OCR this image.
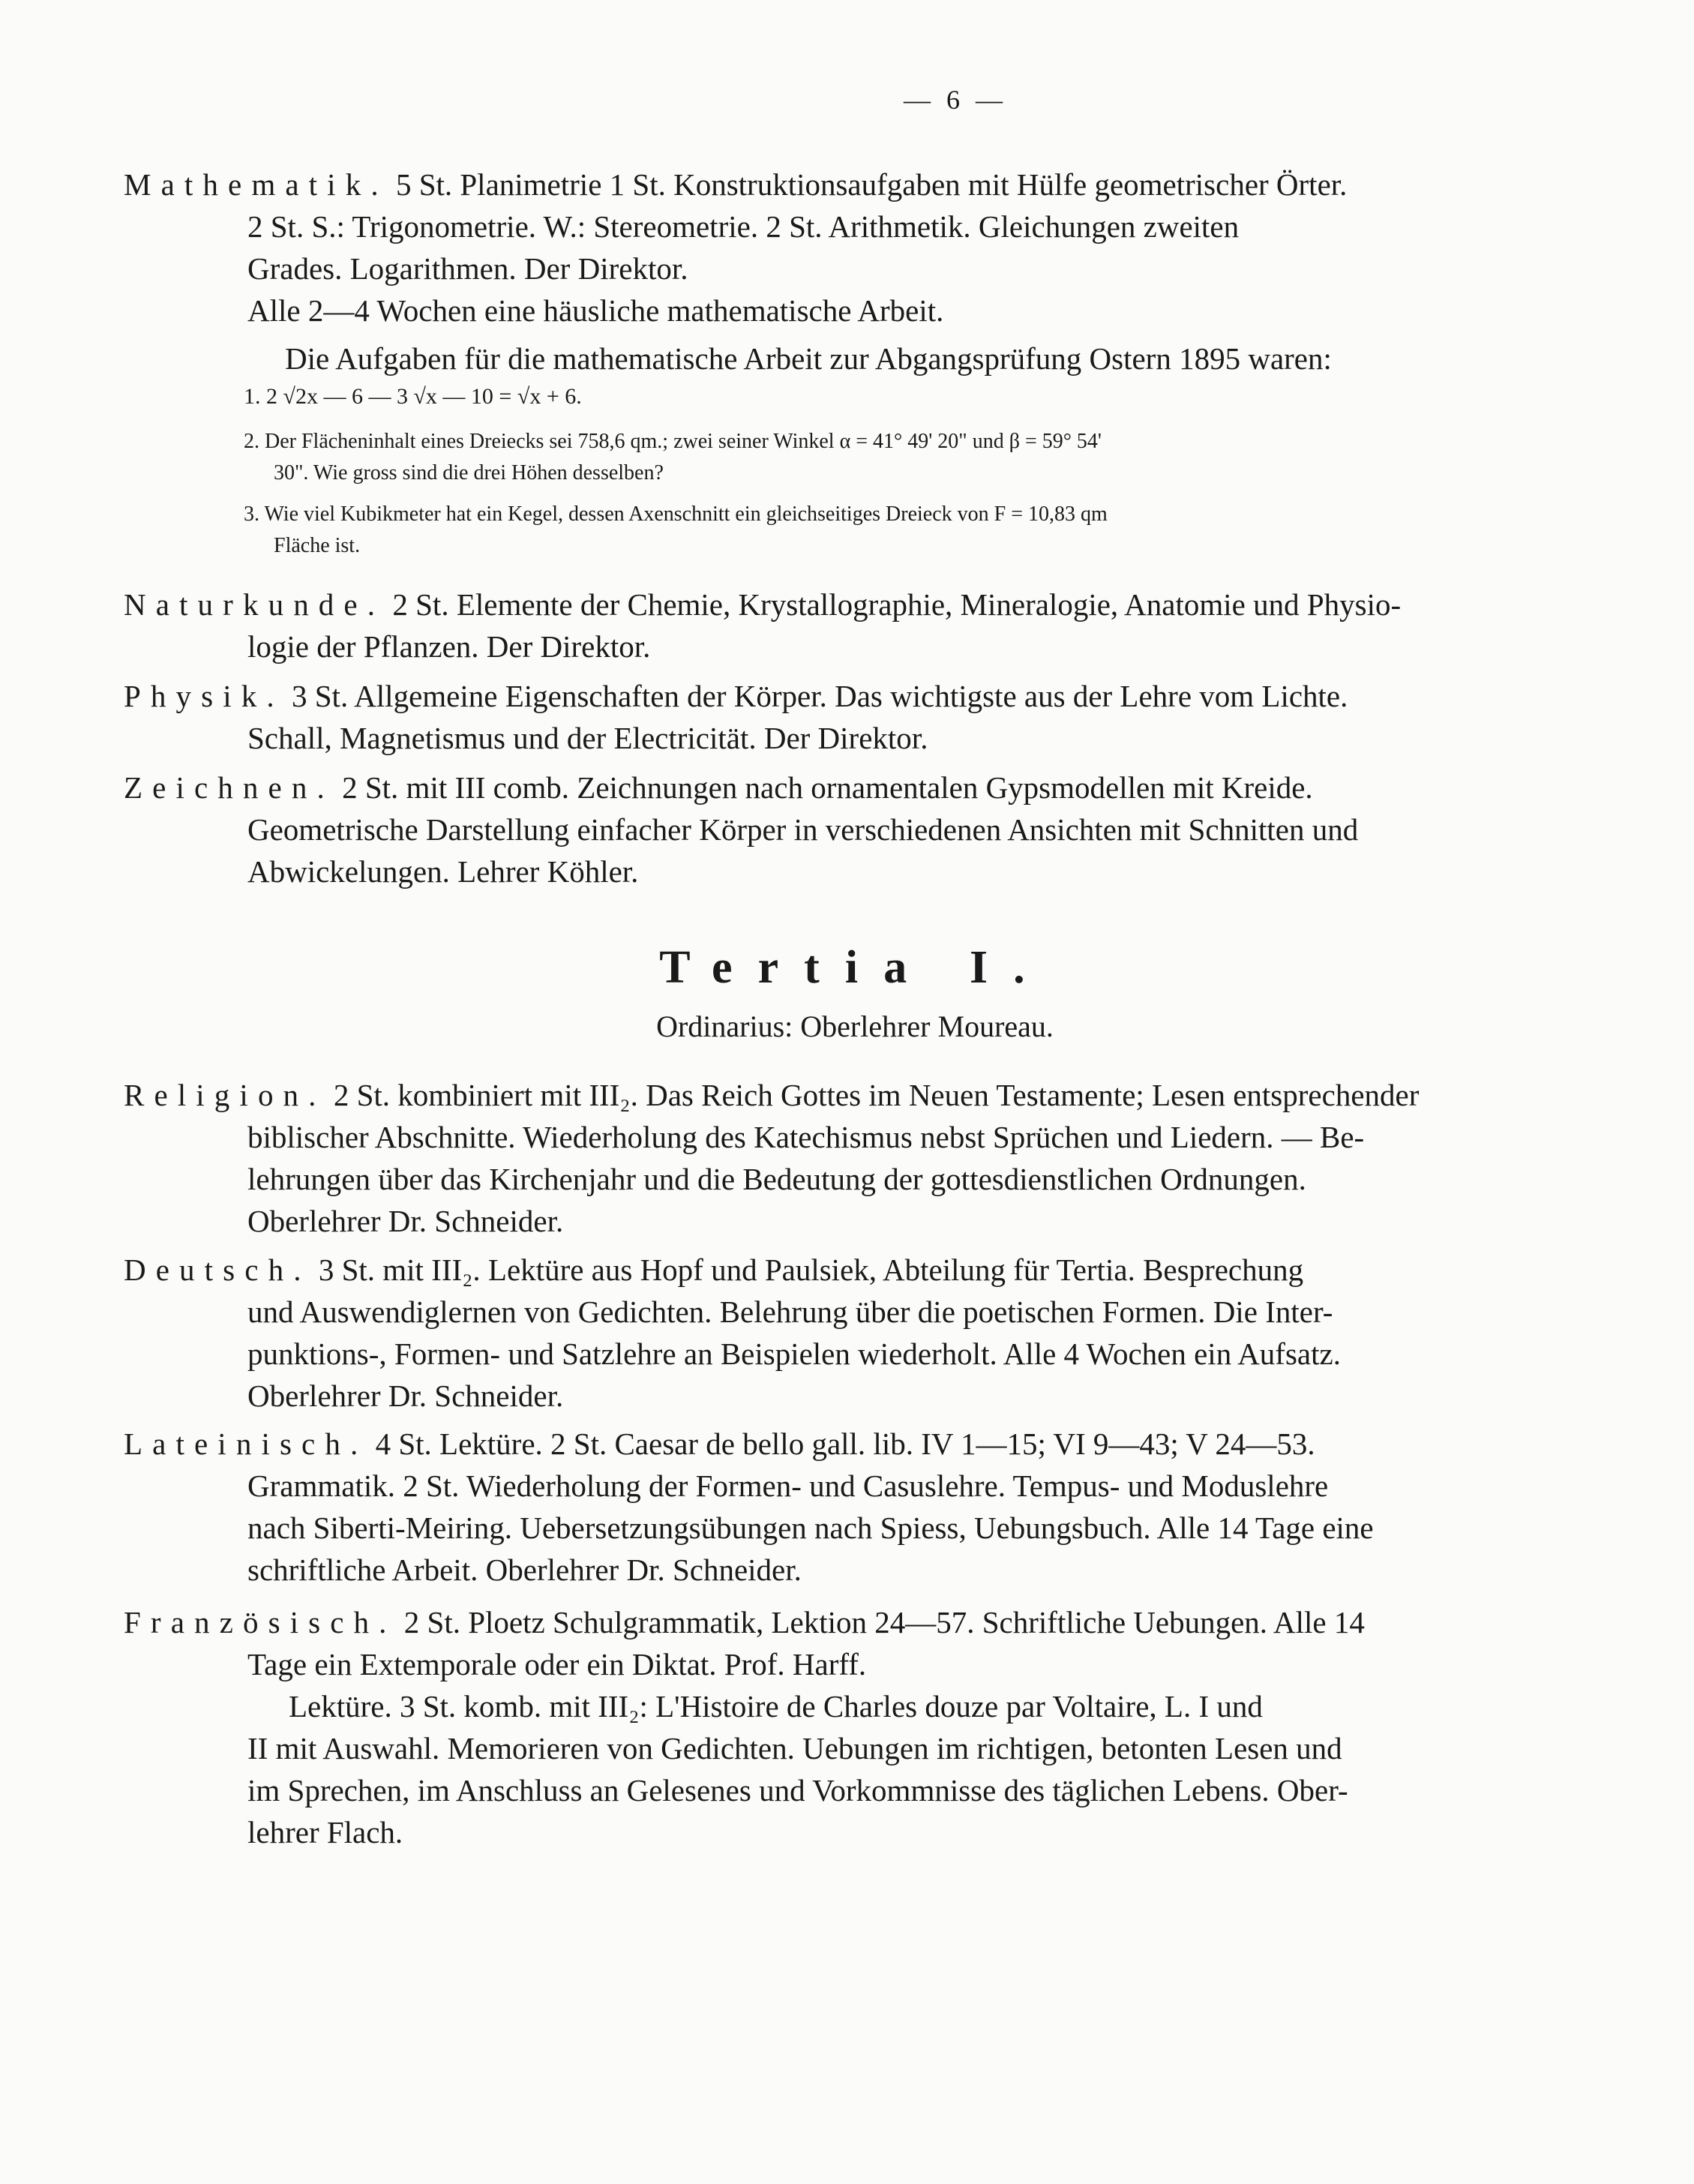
— 6 —
Mathematik. 5 St. Planimetrie 1 St. Konstruktionsaufgaben mit Hülfe geometrischer Örter.
2 St. S.: Trigonometrie. W.: Stereometrie. 2 St. Arithmetik. Gleichungen zweiten
Grades. Logarithmen. Der Direktor.
Alle 2—4 Wochen eine häusliche mathematische Arbeit.
Die Aufgaben für die mathematische Arbeit zur Abgangsprüfung Ostern 1895 waren:
1. 2 √2x — 6 — 3 √x — 10 = √x + 6.
2. Der Flächeninhalt eines Dreiecks sei 758,6 qm.; zwei seiner Winkel α = 41° 49' 20" und β = 59° 54'
30". Wie gross sind die drei Höhen desselben?
3. Wie viel Kubikmeter hat ein Kegel, dessen Axenschnitt ein gleichseitiges Dreieck von F = 10,83 qm
Fläche ist.
Naturkunde. 2 St. Elemente der Chemie, Krystallographie, Mineralogie, Anatomie und Physio-
logie der Pflanzen. Der Direktor.
Physik. 3 St. Allgemeine Eigenschaften der Körper. Das wichtigste aus der Lehre vom Lichte.
Schall, Magnetismus und der Electricität. Der Direktor.
Zeichnen. 2 St. mit III comb. Zeichnungen nach ornamentalen Gypsmodellen mit Kreide.
Geometrische Darstellung einfacher Körper in verschiedenen Ansichten mit Schnitten und
Abwickelungen. Lehrer Köhler.
Tertia I.
Ordinarius: Oberlehrer Moureau.
Religion. 2 St. kombiniert mit III₂. Das Reich Gottes im Neuen Testamente; Lesen entsprechender
biblischer Abschnitte. Wiederholung des Katechismus nebst Sprüchen und Liedern. — Be-
lehrungen über das Kirchenjahr und die Bedeutung der gottesdienstlichen Ordnungen.
Oberlehrer Dr. Schneider.
Deutsch. 3 St. mit III₂. Lektüre aus Hopf und Paulsiek, Abteilung für Tertia. Besprechung
und Auswendiglernen von Gedichten. Belehrung über die poetischen Formen. Die Inter-
punktions-, Formen- und Satzlehre an Beispielen wiederholt. Alle 4 Wochen ein Aufsatz.
Oberlehrer Dr. Schneider.
Lateinisch. 4 St. Lektüre. 2 St. Caesar de bello gall. lib. IV 1—15; VI 9—43; V 24—53.
Grammatik. 2 St. Wiederholung der Formen- und Casuslehre. Tempus- und Moduslehre
nach Siberti-Meiring. Uebersetzungsübungen nach Spiess, Uebungsbuch. Alle 14 Tage eine
schriftliche Arbeit. Oberlehrer Dr. Schneider.
Französisch. 2 St. Ploetz Schulgrammatik, Lektion 24—57. Schriftliche Uebungen. Alle 14
Tage ein Extemporale oder ein Diktat. Prof. Harff.
Lektüre. 3 St. komb. mit III₂: L'Histoire de Charles douze par Voltaire, L. I und
II mit Auswahl. Memorieren von Gedichten. Uebungen im richtigen, betonten Lesen und
im Sprechen, im Anschluss an Gelesenes und Vorkommnisse des täglichen Lebens. Ober-
lehrer Flach.
